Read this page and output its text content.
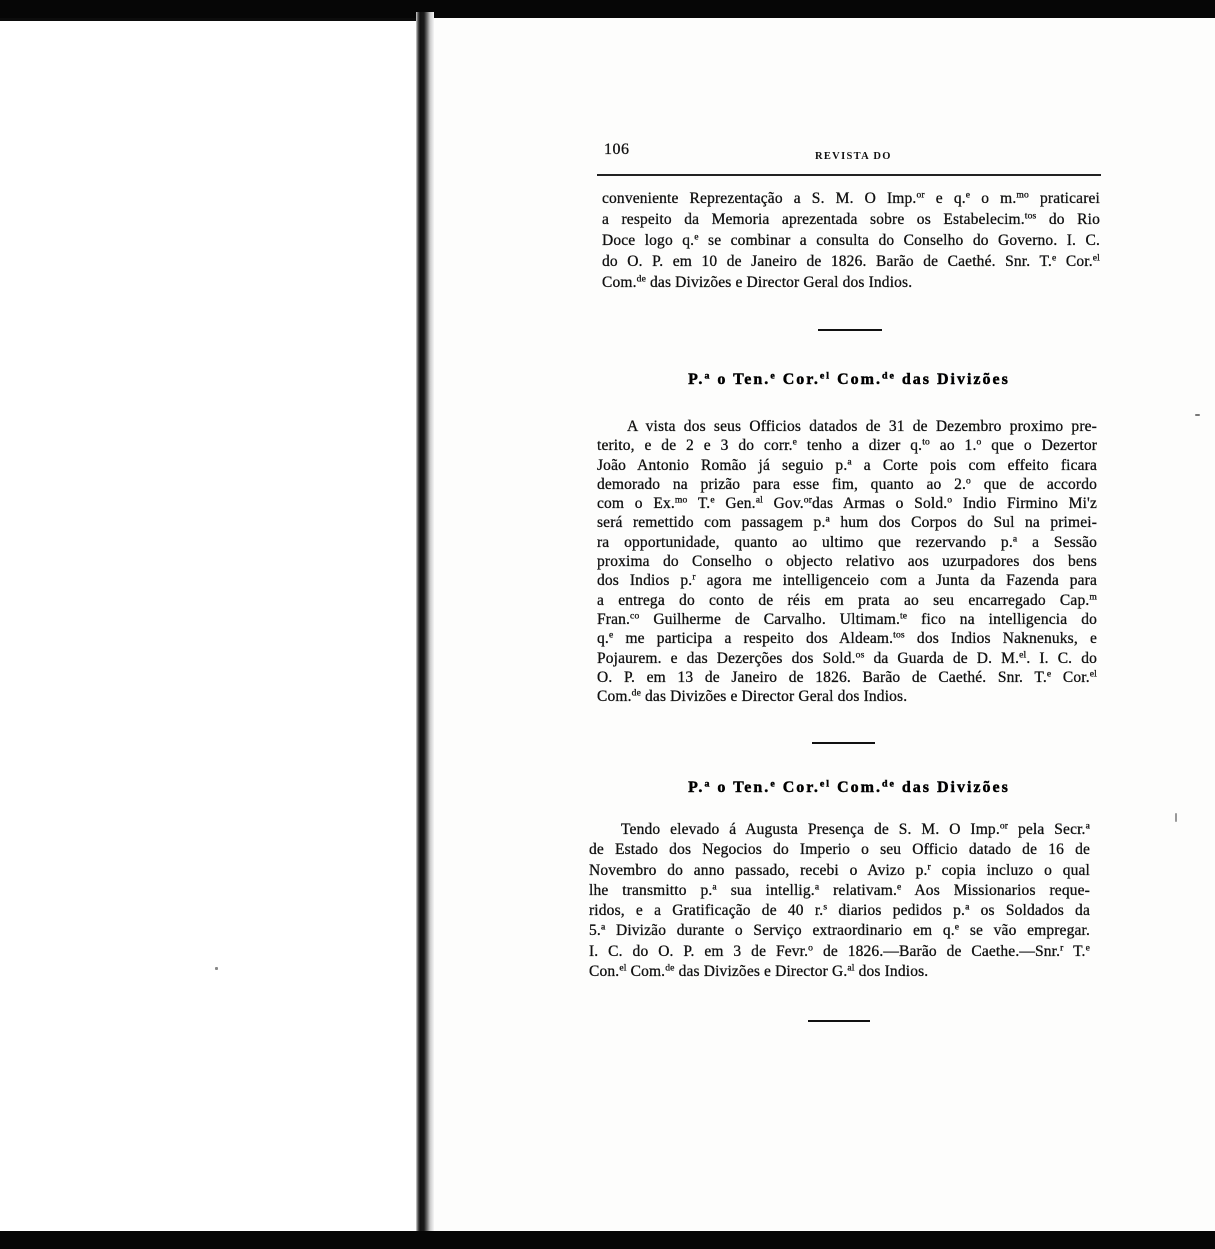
106	REVISTA DO
conveniente Reprezentação a S. M. O Imp.$^{or}$ e q.$^e$ o m.$^{mo}$ praticarei
a respeito da Memoria aprezentada sobre os Estabelecim.$^{tos}$ do Rio
Doce logo q.$^e$ se combinar a consulta do Conselho do Governo. I. C.
do O. P. em 10 de Janeiro de 1826. Barão de Caethé. Snr. T.$^e$ Cor.$^{el}$
Com.$^{de}$ das Divizões e Director Geral dos Indios.
P.$^a$ o Ten.$^e$ Cor.$^{el}$ Com.$^{de}$ das Divizões
A vista dos seus Officios datados de 31 de Dezembro proximo pre-
terito, e de 2 e 3 do corr.$^e$ tenho a dizer q.$^{to}$ ao 1.$^o$ que o Dezertor
João Antonio Romão já seguio p.$^a$ a Corte pois com effeito ficara
demorado na prizão para esse fim, quanto ao 2.$^o$ que de accordo
com o Ex.$^{mo}$ T.$^e$ Gen.$^{al}$ Gov.$^{or}$das Armas o Sold.$^o$ Indio Firmino Mi'z
será remettido com passagem p.$^a$ hum dos Corpos do Sul na primei-
ra opportunidade, quanto ao ultimo que rezervando p.$^a$ a Sessão
proxima do Conselho o objecto relativo aos uzurpadores dos bens
dos Indios p.$^r$ agora me intelligenceio com a Junta da Fazenda para
a entrega do conto de réis em prata ao seu encarregado Cap.$^m$
Fran.$^{co}$ Guilherme de Carvalho. Ultimam.$^{te}$ fico na intelligencia do
q.$^e$ me participa a respeito dos Aldeam.$^{tos}$ dos Indios Naknenuks, e
Pojaurem. e das Dezerções dos Sold.$^{os}$ da Guarda de D. M.$^{el}$. I. C. do
O. P. em 13 de Janeiro de 1826. Barão de Caethé. Snr. T.$^e$ Cor.$^{el}$
Com.$^{de}$ das Divizões e Director Geral dos Indios.
P.$^a$ o Ten.$^e$ Cor.$^{el}$ Com.$^{de}$ das Divizões
Tendo elevado á Augusta Presença de S. M. O Imp.$^{or}$ pela Secr.$^a$
de Estado dos Negocios do Imperio o seu Officio datado de 16 de
Novembro do anno passado, recebi o Avizo p.$^r$ copia incluzo o qual
lhe transmitto p.$^a$ sua intellig.$^a$ relativam.$^e$ Aos Missionarios reque-
ridos, e a Gratificação de 40 r.$^s$ diarios pedidos p.$^a$ os Soldados da
5.$^a$ Divizão durante o Serviço extraordinario em q.$^e$ se vão empregar.
I. C. do O. P. em 3 de Fevr.$^o$ de 1826.—Barão de Caethe.—Snr.$^r$ T.$^e$
Con.$^{el}$ Com.$^{de}$ das Divizões e Director G.$^{al}$ dos Indios.
